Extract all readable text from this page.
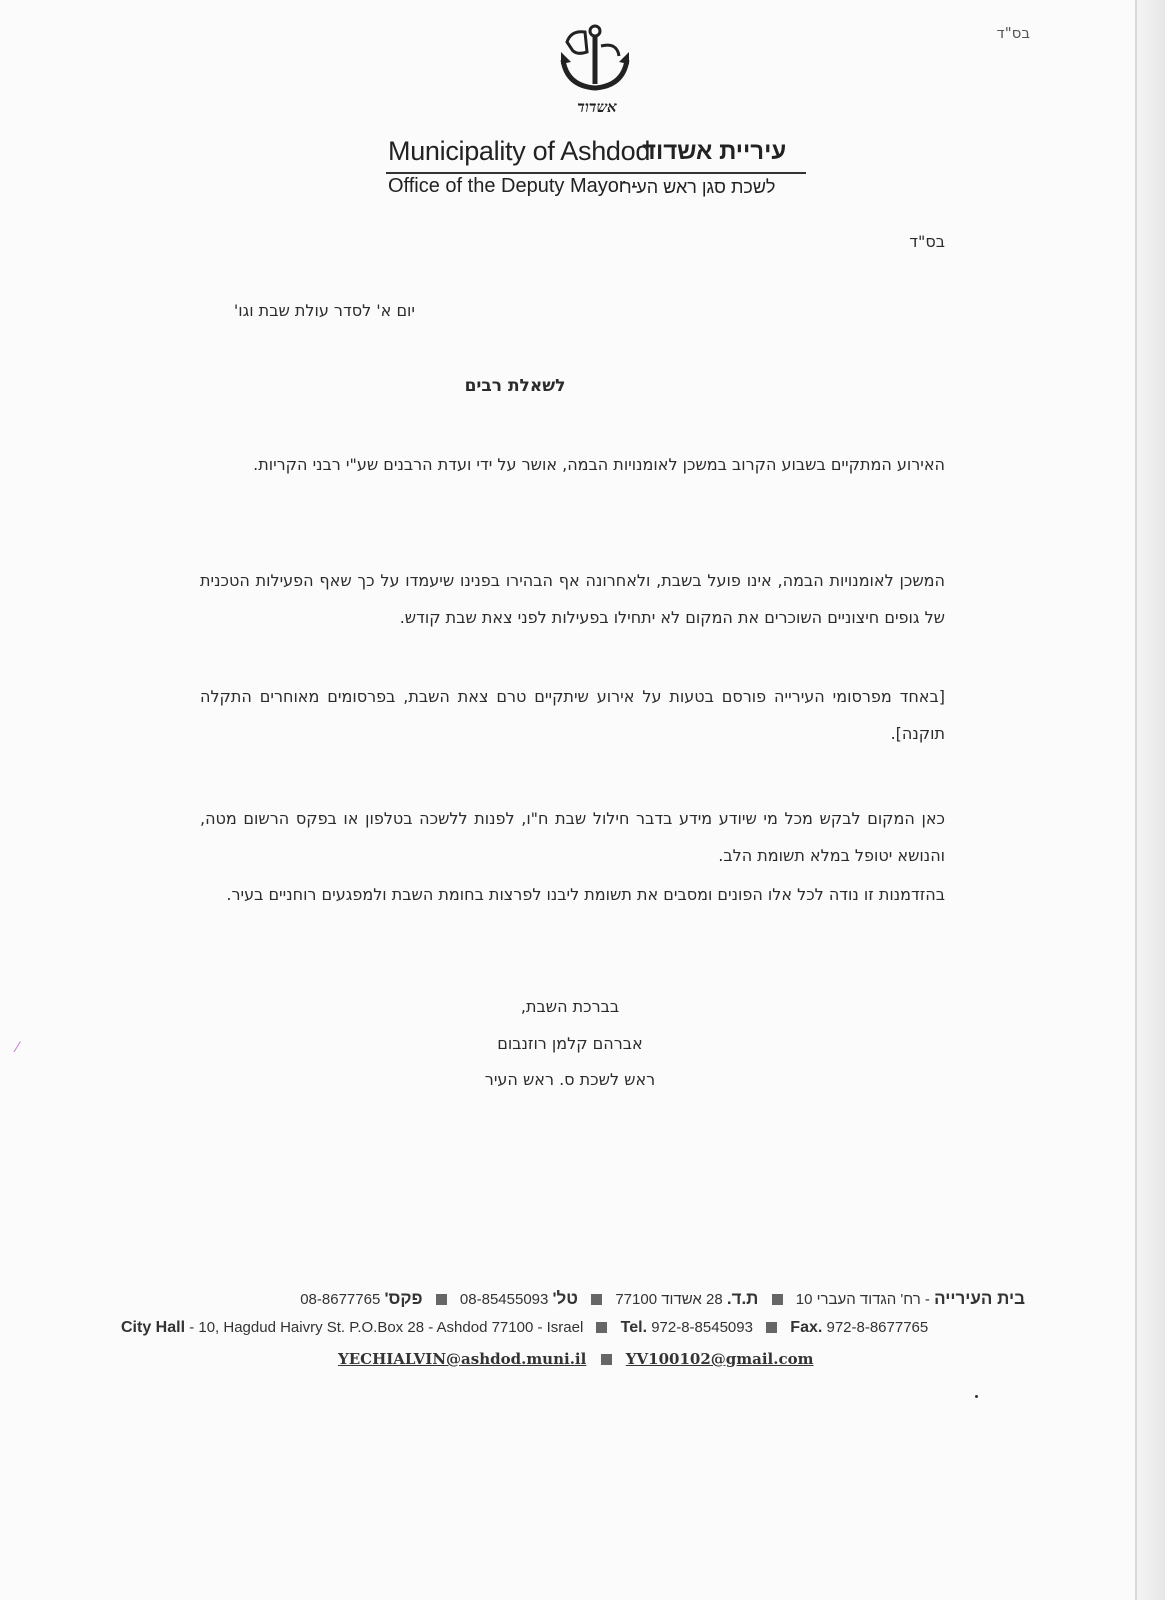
בס"ד
אשדוד
Municipality of Ashdod
עיריית אשדוד
Office of the Deputy Mayor -
לשכת סגן ראש העיר
בס"ד
יום א' לסדר עולת שבת וגו'
לשאלת רבים
האירוע המתקיים בשבוע הקרוב במשכן לאומנויות הבמה, אושר על ידי ועדת הרבנים שע"י רבני הקריות.
המשכן לאומנויות הבמה, אינו פועל בשבת, ולאחרונה אף הבהירו בפנינו שיעמדו על כך שאף הפעילות הטכנית של גופים חיצוניים השוכרים את המקום לא יתחילו בפעילות לפני צאת שבת קודש.
[באחד מפרסומי העירייה פורסם בטעות על אירוע שיתקיים טרם צאת השבת, בפרסומים מאוחרים התקלה תוקנה].
כאן המקום לבקש מכל מי שיודע מידע בדבר חילול שבת ח"ו, לפנות ללשכה בטלפון או בפקס הרשום מטה, והנושא יטופל במלא תשומת הלב.
בהזדמנות זו נודה לכל אלו הפונים ומסבים את תשומת ליבנו לפרצות בחומת השבת ולמפגעים רוחניים בעיר.
בברכת השבת,
אברהם קלמן רוזנבום
ראש לשכת ס. ראש העיר
⁄
בית העירייה - רח' הגדוד העברי 10  ת.ד. 28 אשדוד 77100  טל' 08-85455093  פקס' 08-8677765
City Hall - 10, Hagdud Haivry St. P.O.Box 28 - Ashdod 77100 - Israel Tel. 972-8-8545093 Fax. 972-8-8677765
YECHIALVIN@ashdod.muni.il	YV100102@gmail.com
